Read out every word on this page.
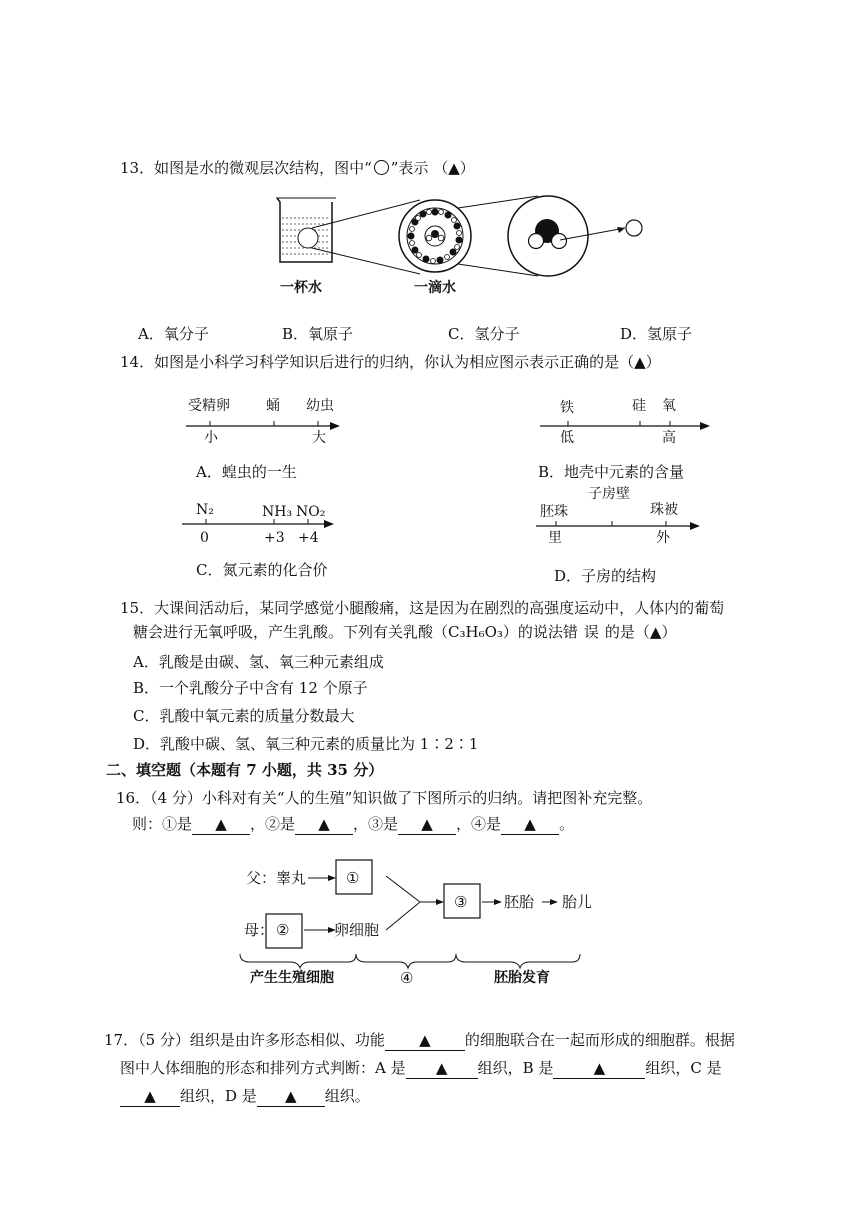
13．如图是水的微观层次结构，图中“ ”表示 （▲）
一杯水	一滴水
A．氧分子	B．氧原子	C．氢分子	D．氢原子
14．如图是小科学习科学知识后进行的归纳，你认为相应图示表示正确的是（▲）
受精卵	蛹 幼虫
小	大
A．蝗虫的一生
铁	硅 氧
低	高
B．地壳中元素的含量
N₂	NH₃ NO₂
0	+3 +4
C．氮元素的化合价
子房壁
胚珠	珠被
里	外
D．子房的结构
15．大课间活动后，某同学感觉小腿酸痛，这是因为在剧烈的高强度运动中，人体内的葡萄
糖会进行无氧呼吸，产生乳酸。下列有关乳酸（C₃H₆O₃）的说法错误的是（▲）
A．乳酸是由碳、氢、氧三种元素组成
B．一个乳酸分子中含有 12 个原子
C．乳酸中氧元素的质量分数最大
D．乳酸中碳、氢、氧三种元素的质量比为 1∶2∶1
二、填空题（本题有 7 小题，共 35 分）
16．（4 分）小科对有关“人的生殖”知识做了下图所示的归纳。请把图补充完整。
则：①是 ▲ ，②是 ▲ ，③是 ▲ ，④是 ▲ 。
父：睾丸	①
母： ②	卵细胞
③ 胚胎 胎儿
产生生殖细胞	④	胚胎发育
17．（5 分）组织是由许多形态相似、功能 ▲ 的细胞联合在一起而形成的细胞群。根据
图中人体细胞的形态和排列方式判断：A 是 ▲ 组织，B 是	▲	组织，C 是
▲ 组织，D 是 ▲ 组织。
